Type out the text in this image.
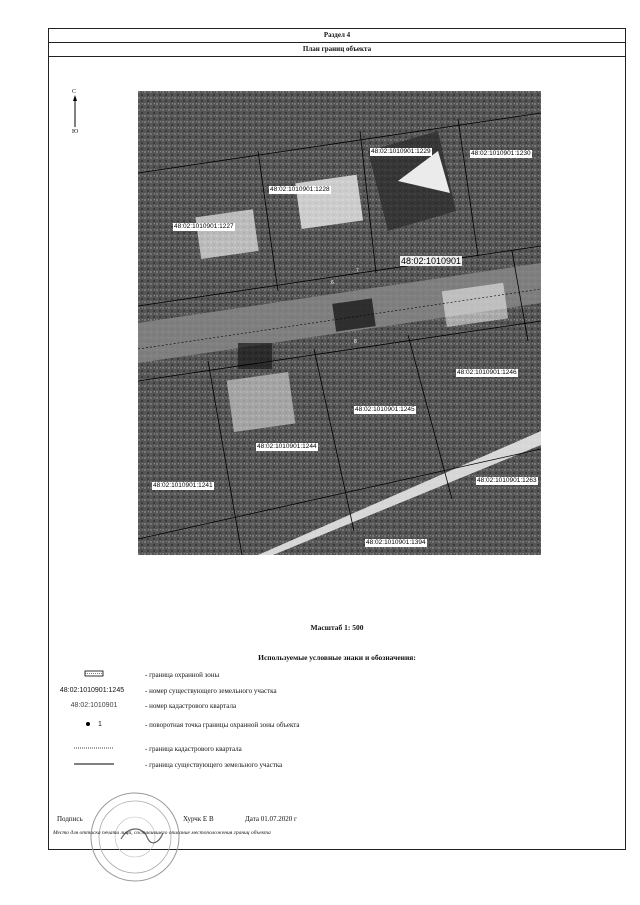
Раздел 4
План границ объекта
С
Ю
48:02:1010901:1229	48:02:1010901:1230
48:02:1010901:1228
48:02:1010901:1227
48:02:1010901
48:02:1010901:1246
48:02:1010901:1245
48:02:1010901:1244
48:02:1010901:1241
48:02:1010901:1263
48:02:1010901:1394
6
7
8
Масштаб 1: 500
Используемые условные знаки и обозначения:
- граница охранной зоны
48:02:1010901:1245	- номер существующего земельного участка
48:02:1010901	- номер кадастрового квартала
1	- поворотная точка границы охранной зоны объекта
- граница кадастрового квартала
- граница существующего земельного участка
Подпись	Хурчк Е В	Дата 01.07.2020 г
Место для оттиска печати лица, составившего описание местоположения границ объекта
